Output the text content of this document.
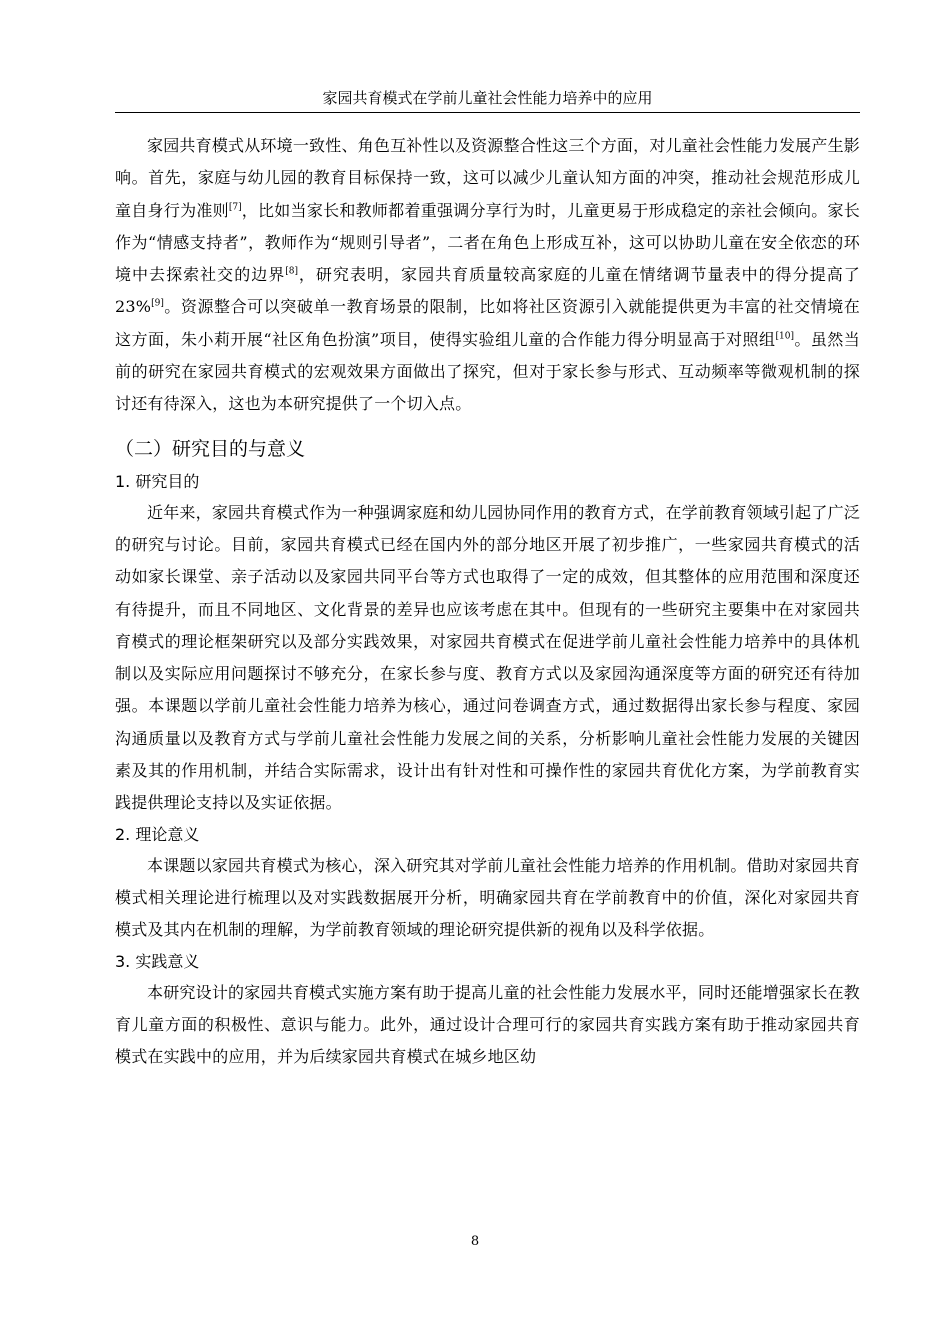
家园共育模式在学前儿童社会性能力培养中的应用

家园共育模式从环境一致性、角色互补性以及资源整合性这三个方面，对儿童社会性能力发展产生影响。首先，家庭与幼儿园的教育目标保持一致，这可以减少儿童认知方面的冲突，推动社会规范形成儿童自身行为准则[7]，比如当家长和教师都着重强调分享行为时，儿童更易于形成稳定的亲社会倾向。家长作为“情感支持者”，教师作为“规则引导者”，二者在角色上形成互补，这可以协助儿童在安全依恋的环境中去探索社交的边界[8]，研究表明，家园共育质量较高家庭的儿童在情绪调节量表中的得分提高了23%[9]。资源整合可以突破单一教育场景的限制，比如将社区资源引入就能提供更为丰富的社交情境在这方面，朱小莉开展“社区角色扮演”项目，使得实验组儿童的合作能力得分明显高于对照组[10]。虽然当前的研究在家园共育模式的宏观效果方面做出了探究，但对于家长参与形式、互动频率等微观机制的探讨还有待深入，这也为本研究提供了一个切入点。

（二）研究目的与意义
1. 研究目的

近年来，家园共育模式作为一种强调家庭和幼儿园协同作用的教育方式，在学前教育领域引起了广泛的研究与讨论。目前，家园共育模式已经在国内外的部分地区开展了初步推广，一些家园共育模式的活动如家长课堂、亲子活动以及家园共同平台等方式也取得了一定的成效，但其整体的应用范围和深度还有待提升，而且不同地区、文化背景的差异也应该考虑在其中。但现有的一些研究主要集中在对家园共育模式的理论框架研究以及部分实践效果，对家园共育模式在促进学前儿童社会性能力培养中的具体机制以及实际应用问题探讨不够充分，在家长参与度、教育方式以及家园沟通深度等方面的研究还有待加强。本课题以学前儿童社会性能力培养为核心，通过问卷调查方式，通过数据得出家长参与程度、家园沟通质量以及教育方式与学前儿童社会性能力发展之间的关系，分析影响儿童社会性能力发展的关键因素及其的作用机制，并结合实际需求，设计出有针对性和可操作性的家园共育优化方案，为学前教育实践提供理论支持以及实证依据。

2. 理论意义

本课题以家园共育模式为核心，深入研究其对学前儿童社会性能力培养的作用机制。借助对家园共育模式相关理论进行梳理以及对实践数据展开分析，明确家园共育在学前教育中的价值，深化对家园共育模式及其内在机制的理解，为学前教育领域的理论研究提供新的视角以及科学依据。

3. 实践意义

本研究设计的家园共育模式实施方案有助于提高儿童的社会性能力发展水平，同时还能增强家长在教育儿童方面的积极性、意识与能力。此外，通过设计合理可行的家园共育实践方案有助于推动家园共育模式在实践中的应用，并为后续家园共育模式在城乡地区幼

8
